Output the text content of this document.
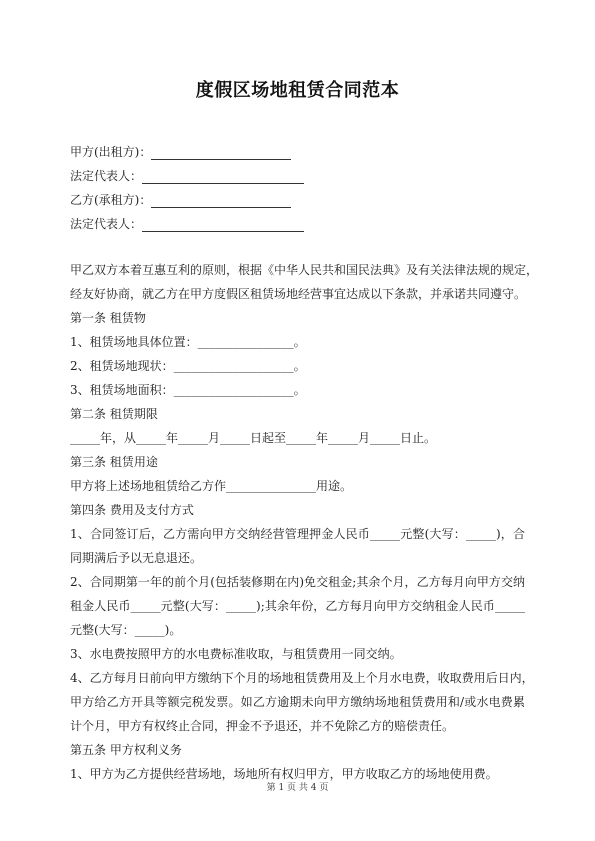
度假区场地租赁合同范本
甲方(出租方)：
法定代表人：
乙方(承租方)：
法定代表人：
甲乙双方本着互惠互利的原则，根据《中华人民共和国民法典》及有关法律法规的规定，
经友好协商，就乙方在甲方度假区租赁场地经营事宜达成以下条款，并承诺共同遵守。
第一条 租赁物
1、租赁场地具体位置：________________。
2、租赁场地现状：____________________。
3、租赁场地面积：____________________。
第二条 租赁期限
_____年，从_____年_____月_____日起至_____年_____月_____日止。
第三条 租赁用途
甲方将上述场地租赁给乙方作_______________用途。
第四条 费用及支付方式
1、合同签订后，乙方需向甲方交纳经营管理押金人民币_____元整(大写：_____)，合
同期满后予以无息退还。
2、合同期第一年的前个月(包括装修期在内)免交租金;其余个月，乙方每月向甲方交纳
租金人民币_____元整(大写：_____);其余年份，乙方每月向甲方交纳租金人民币_____
元整(大写：_____)。
3、水电费按照甲方的水电费标准收取，与租赁费用一同交纳。
4、乙方每月日前向甲方缴纳下个月的场地租赁费用及上个月水电费，收取费用后日内，
甲方给乙方开具等额完税发票。如乙方逾期未向甲方缴纳场地租赁费用和/或水电费累
计个月，甲方有权终止合同，押金不予退还，并不免除乙方的赔偿责任。
第五条 甲方权利义务
1、甲方为乙方提供经营场地，场地所有权归甲方，甲方收取乙方的场地使用费。
第 1 页 共 4 页
